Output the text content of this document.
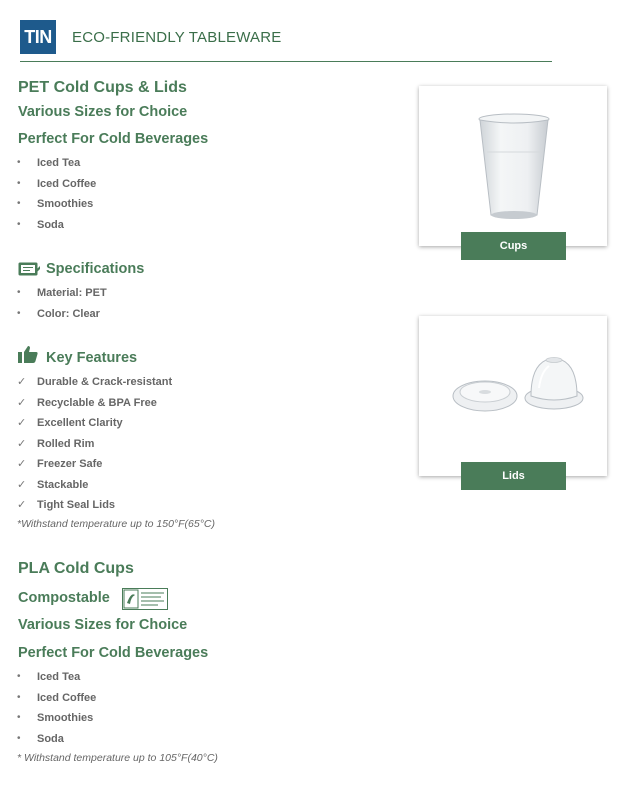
TIN ECO-FRIENDLY TABLEWARE
PET Cold Cups & Lids
Various Sizes for Choice
Perfect For Cold Beverages
• Iced Tea
• Iced Coffee
• Smoothies
• Soda
Specifications
• Material: PET
• Color: Clear
Key Features
✓ Durable & Crack-resistant
✓ Recyclable & BPA Free
✓ Excellent Clarity
✓ Rolled Rim
✓ Freezer Safe
✓ Stackable
✓ Tight Seal Lids
*Withstand temperature up to 150°F(65°C)
Cups
Lids
PLA Cold Cups
Compostable
Various Sizes for Choice
Perfect For Cold Beverages
• Iced Tea
• Iced Coffee
• Smoothies
• Soda
* Withstand temperature up to 105°F(40°C)
